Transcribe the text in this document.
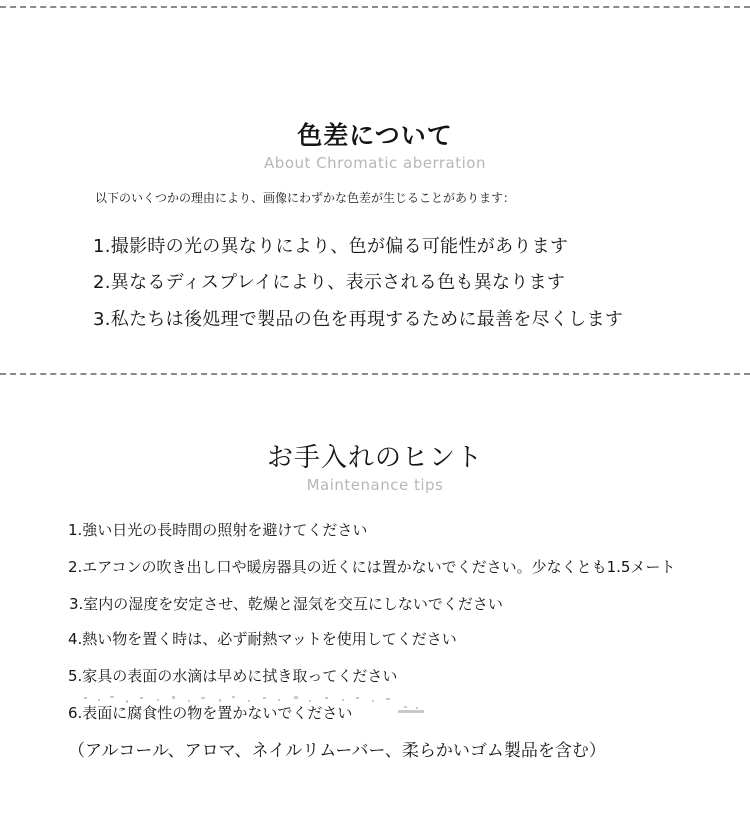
色差について
About Chromatic aberration

以下のいくつかの理由により、画像にわずかな色差が生じることがあります：

1.撮影時の光の異なりにより、色が偏る可能性があります

2.異なるディスプレイにより、表示される色も異なります

3.私たちは後処理で製品の色を再現するために最善を尽くします

お手入れのヒント
Maintenance tips

1.強い日光の長時間の照射を避けてください

2.エアコンの吹き出し口や暖房器具の近くには置かないでください。少なくとも1.5メート

3.室内の湿度を安定させ、乾燥と湿気を交互にしないでください

4.熱い物を置く時は、必ず耐熱マットを使用してください

5.家具の表面の水滴は早めに拭き取ってください

6.表面に腐食性の物を置かないでください

（アルコール、アロマ、ネイルリムーバー、柔らかいゴム製品を含む）
